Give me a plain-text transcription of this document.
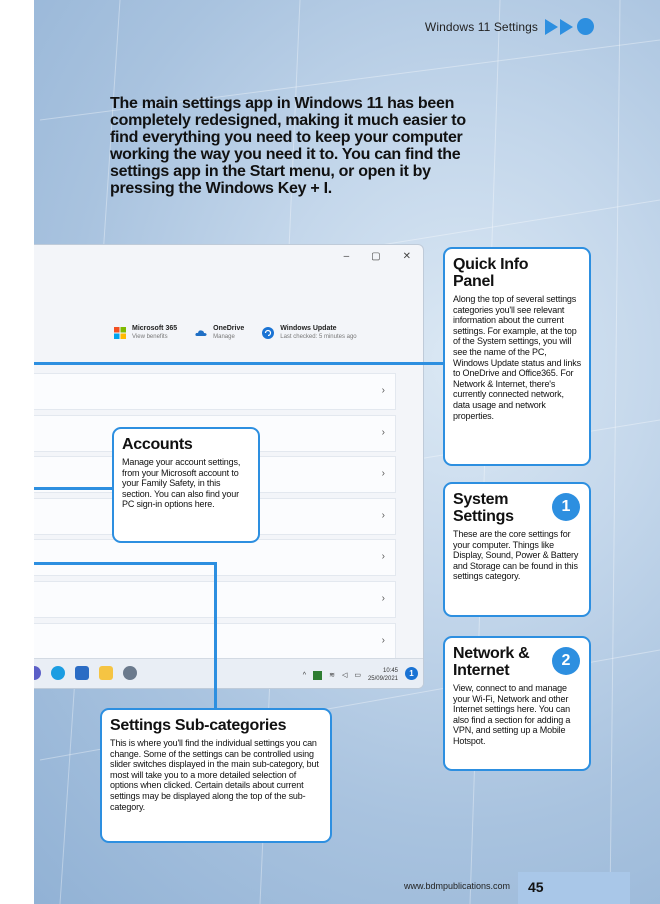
Windows 11 Settings
The main settings app in Windows 11 has been completely redesigned, making it much easier to find everything you need to keep your computer working the way you need it to. You can find the settings app in the Start menu, or open it by pressing the Windows Key + I.
– ▢ ✕
Microsoft 365
View benefits
OneDrive
Manage
Windows Update
Last checked: 5 minutes ago
›
›
›
›
›
›
›
^	≋ ◁ ▭
10:45
25/09/2021
1
Quick Info Panel

Along the top of several settings categories you'll see relevant information about the current settings. For example, at the top of the System settings, you will see the name of the PC, Windows Update status and links to OneDrive and Office365. For Network & Internet, there's currently connected network, data usage and network properties.

Accounts

Manage your account settings, from your Microsoft account to your Family Safety, in this section. You can also find your PC sign-in options here.	System Settings

These are the core settings for your computer. Things like Display, Sound, Power & Battery and Storage can be found in this settings category.

1
Network & Internet

View, connect to and manage your Wi-Fi, Network and other Internet settings here. You can also find a section for adding a VPN, and setting up a Mobile Hotspot.

2
Settings Sub-categories

This is where you'll find the individual settings you can change. Some of the settings can be controlled using slider switches displayed in the main sub-category, but most will take you to a more detailed selection of options when clicked. Certain details about current settings may be displayed along the top of the sub-category.

www.bdmpublications.com	45
